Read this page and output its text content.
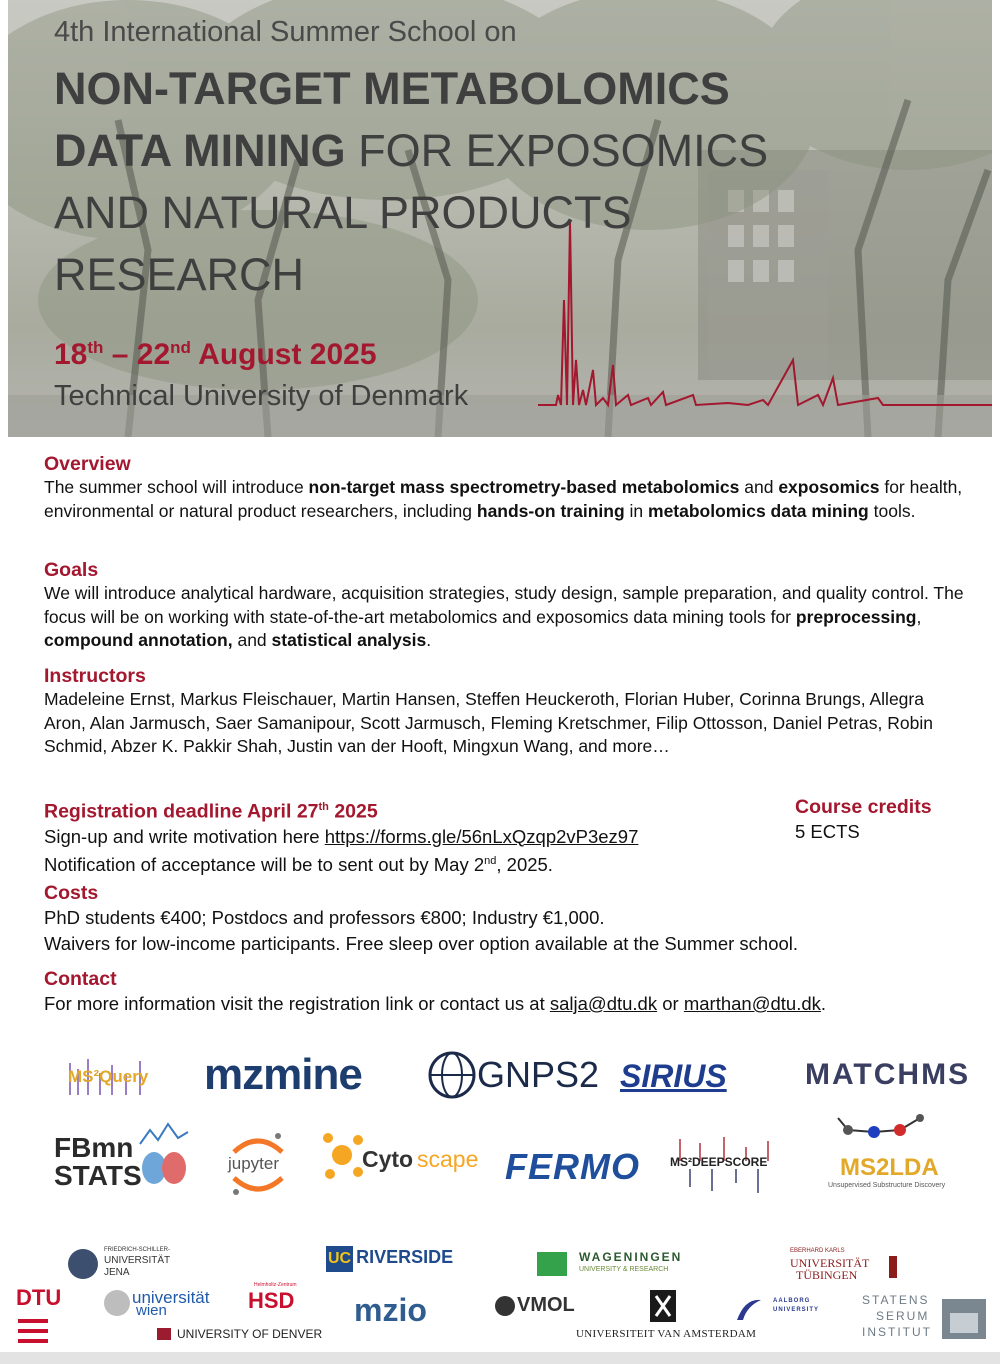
4th International Summer School on
NON-TARGET METABOLOMICS
DATA MINING FOR EXPOSOMICS
AND NATURAL PRODUCTS
RESEARCH
18th – 22nd August 2025
Technical University of Denmark

Overview

The summer school will introduce non-target mass spectrometry-based metabolomics and exposomics for health, environmental or natural product researchers, including hands-on training in metabolomics data mining tools.

Goals

We will introduce analytical hardware, acquisition strategies, study design, sample preparation, and quality control. The focus will be on working with state-of-the-art metabolomics and exposomics data mining tools for preprocessing, compound annotation, and statistical analysis.

Instructors

Madeleine Ernst, Markus Fleischauer, Martin Hansen, Steffen Heuckeroth, Florian Huber, Corinna Brungs, Allegra Aron, Alan Jarmusch, Saer Samanipour, Scott Jarmusch, Fleming Kretschmer, Filip Ottosson, Daniel Petras, Robin Schmid, Abzer K. Pakkir Shah, Justin van der Hooft, Mingxun Wang, and more…

Registration deadline April 27th 2025

Sign-up and write motivation here https://forms.gle/56nLxQzqp2vP3ez97
Notification of acceptance will be to sent out by May 2nd, 2025.

Course credits

5 ECTS

Costs

PhD students €400; Postdocs and professors €800; Industry €1,000.
Waivers for low-income participants. Free sleep over option available at the Summer school.

Contact

For more information visit the registration link or contact us at salja@dtu.dk or marthan@dtu.dk.

MS²Query mzmine	GNPS2 SIRIUS	MATCHMS
FBmn
STATS	jupyter	Cyto scape FERMO	MS²DEEPSCORE	MS2LDA
Unsupervised Substructure Discovery
FRIEDRICH-SCHILLER-
UNIVERSITÄT
JENA
UC RIVERSIDE	WAGENINGEN
UNIVERSITY & RESEARCH
EBERHARD KARLS
UNIVERSITÄT
TÜBINGEN
DTU	universität
wien
Helmholtz-Zentrum
HSD mzio	VMOL	AALBORG
UNIVERSITY
STATENS
SERUM
INSTITUT
UNIVERSITY OF DENVER	UNIVERSITEIT VAN AMSTERDAM
